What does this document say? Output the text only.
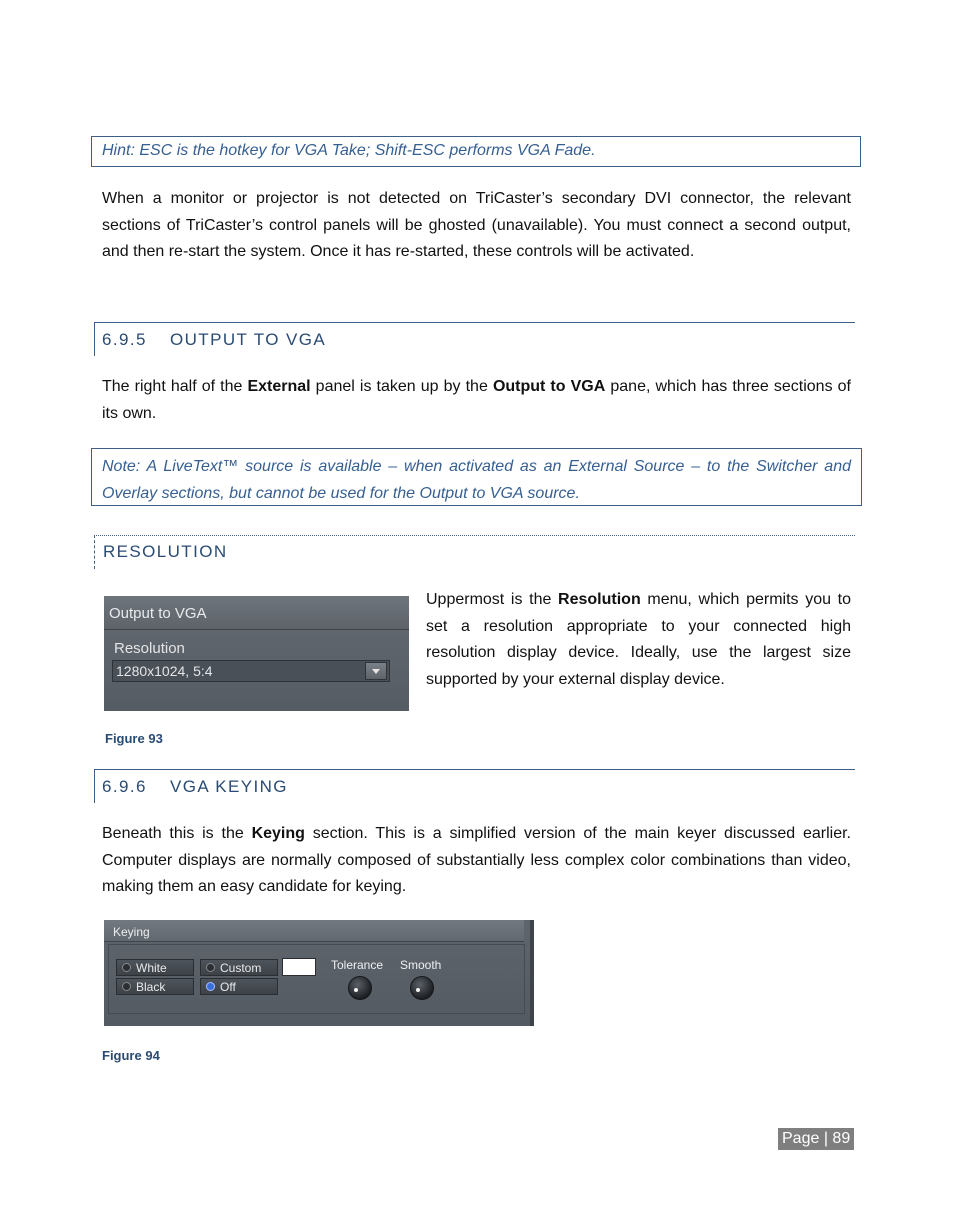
Hint: ESC is the hotkey for VGA Take; Shift-ESC performs VGA Fade.
When a monitor or projector is not detected on TriCaster’s secondary DVI connector, the relevant sections of TriCaster’s control panels will be ghosted (unavailable). You must connect a second output, and then re-start the system. Once it has re-started, these controls will be activated.
6.9.5 OUTPUT TO VGA
The right half of the External panel is taken up by the Output to VGA pane, which has three sections of its own.
Note: A LiveText™ source is available – when activated as an External Source – to the Switcher and Overlay sections, but cannot be used for the Output to VGA source.
RESOLUTION
Output to VGA
Resolution
1280x1024, 5:4
Uppermost is the Resolution menu, which permits you to set a resolution appropriate to your connected high resolution display device. Ideally, use the largest size supported by your external display device.
Figure 93
6.9.6 VGA KEYING
Beneath this is the Keying section. This is a simplified version of the main keyer discussed earlier. Computer displays are normally composed of substantially less complex color combinations than video, making them an easy candidate for keying.
Keying
White	Custom
Black	Off
Tolerance Smooth
Figure 94
Page | 89
